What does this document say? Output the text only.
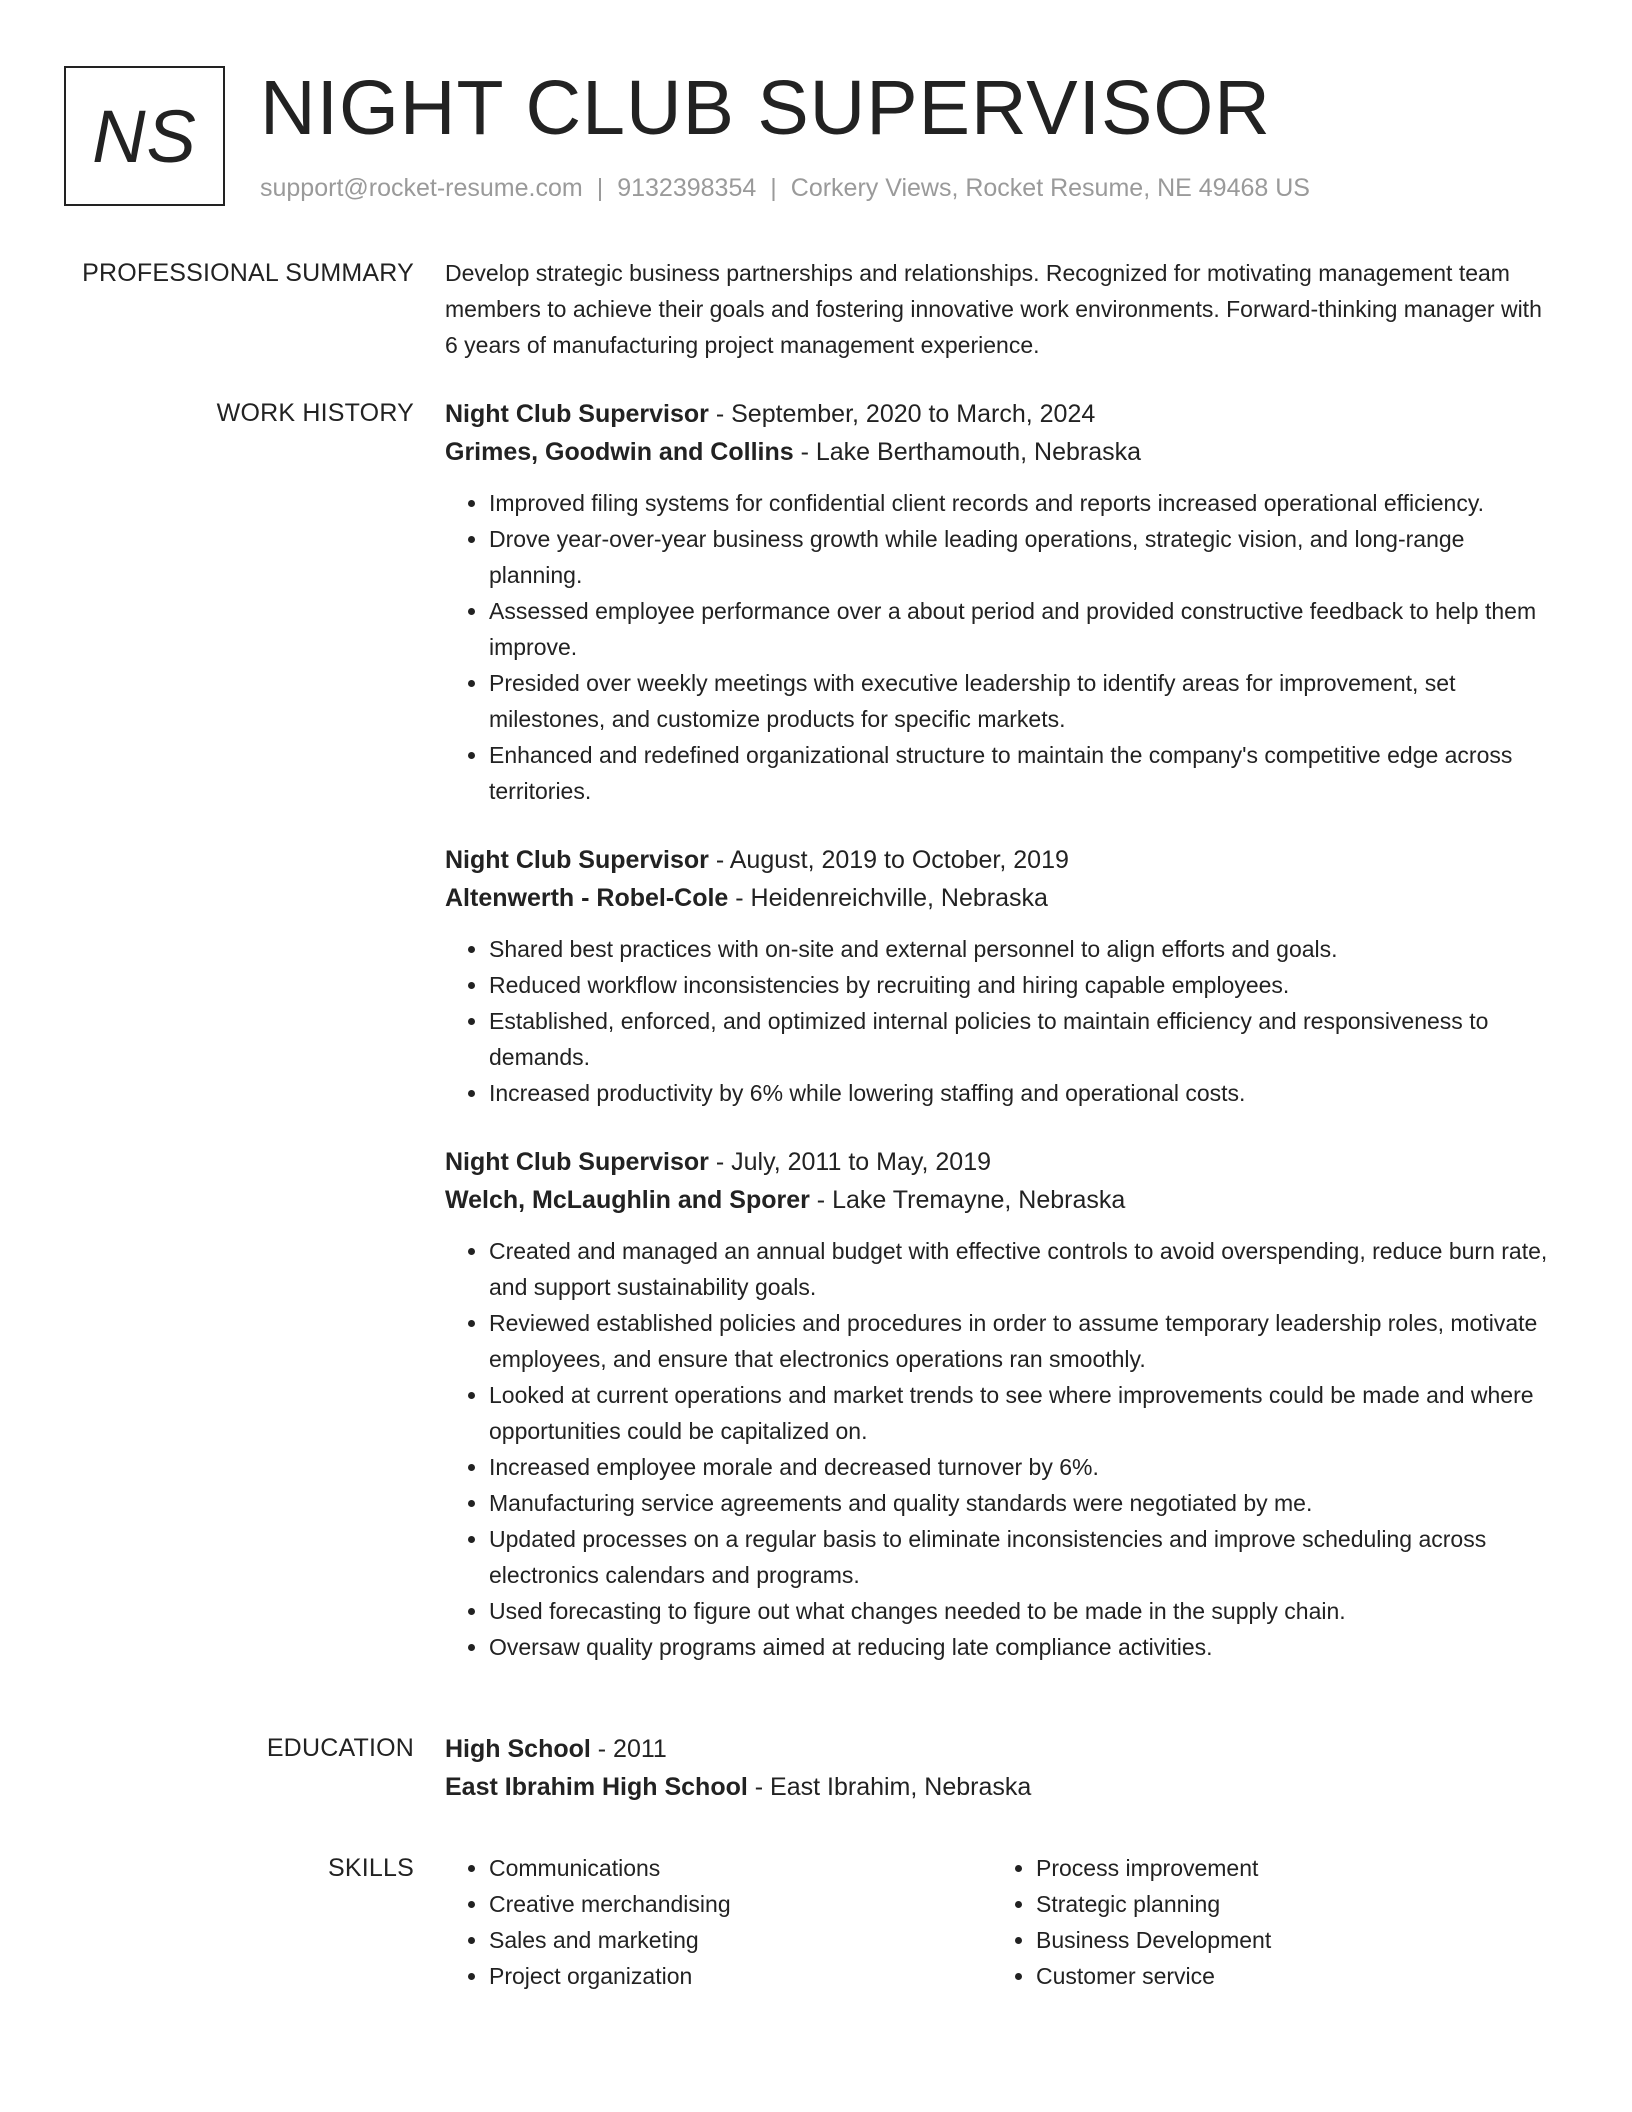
NS NIGHT CLUB SUPERVISOR
support@rocket-resume.com | 9132398354 | Corkery Views, Rocket Resume, NE 49468 US
PROFESSIONAL SUMMARY Develop strategic business partnerships and relationships. Recognized for motivating management team members to achieve their goals and fostering innovative work environments. Forward-thinking manager with 6 years of manufacturing project management experience.

WORK HISTORY Night Club Supervisor - September, 2020 to March, 2024

Grimes, Goodwin and Collins - Lake Berthamouth, Nebraska

• Improved filing systems for confidential client records and reports increased operational efficiency.
• Drove year-over-year business growth while leading operations, strategic vision, and long-range planning.
• Assessed employee performance over a about period and provided constructive feedback to help them improve.
• Presided over weekly meetings with executive leadership to identify areas for improvement, set milestones, and customize products for specific markets.
• Enhanced and redefined organizational structure to maintain the company's competitive edge across territories.

Night Club Supervisor - August, 2019 to October, 2019

Altenwerth - Robel-Cole - Heidenreichville, Nebraska

• Shared best practices with on-site and external personnel to align efforts and goals.
• Reduced workflow inconsistencies by recruiting and hiring capable employees.
• Established, enforced, and optimized internal policies to maintain efficiency and responsiveness to demands.
• Increased productivity by 6% while lowering staffing and operational costs.

Night Club Supervisor - July, 2011 to May, 2019

Welch, McLaughlin and Sporer - Lake Tremayne, Nebraska

• Created and managed an annual budget with effective controls to avoid overspending, reduce burn rate, and support sustainability goals.
• Reviewed established policies and procedures in order to assume temporary leadership roles, motivate employees, and ensure that electronics operations ran smoothly.
• Looked at current operations and market trends to see where improvements could be made and where opportunities could be capitalized on.
• Increased employee morale and decreased turnover by 6%.
• Manufacturing service agreements and quality standards were negotiated by me.
• Updated processes on a regular basis to eliminate inconsistencies and improve scheduling across electronics calendars and programs.
• Used forecasting to figure out what changes needed to be made in the supply chain.
• Oversaw quality programs aimed at reducing late compliance activities.
EDUCATION High School - 2011

East Ibrahim High School - East Ibrahim, Nebraska

SKILLS
•	Communications
• Creative merchandising
• Sales and marketing
• Project organization
• Process improvement
• Strategic planning
• Business Development
• Customer service
